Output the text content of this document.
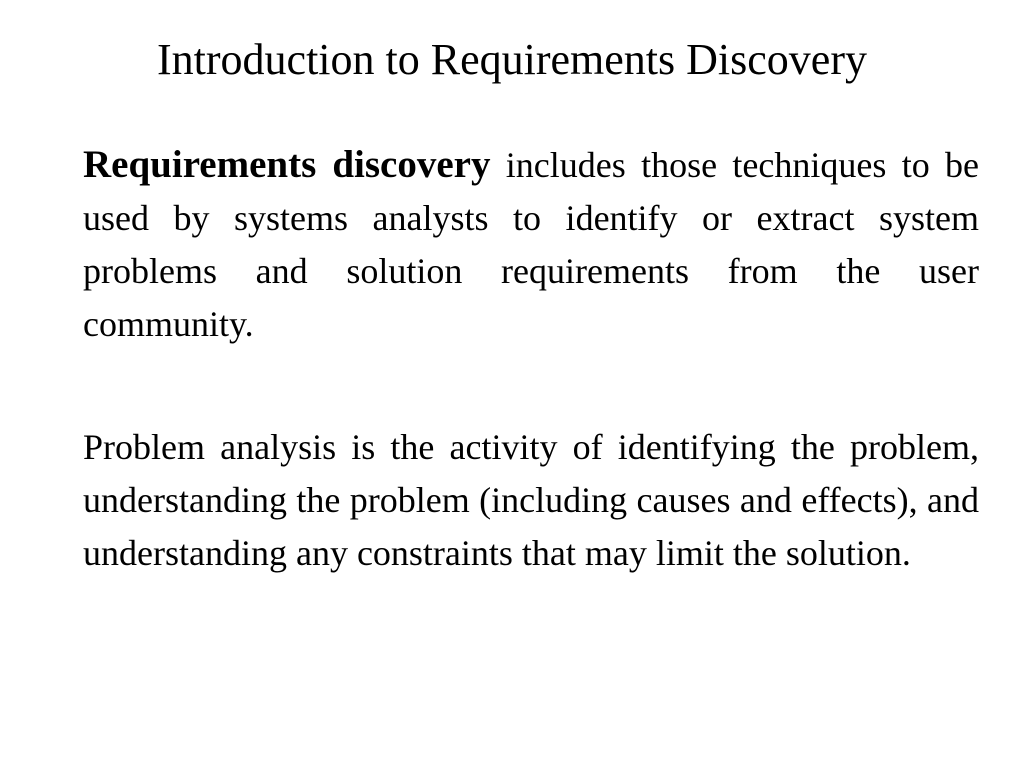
Introduction to Requirements Discovery

Requirements discovery includes those techniques to be used by systems analysts to identify or extract system problems and solution requirements from the user community.

Problem analysis is the activity of identifying the problem, understanding the problem (including causes and effects), and understanding any constraints that may limit the solution.
